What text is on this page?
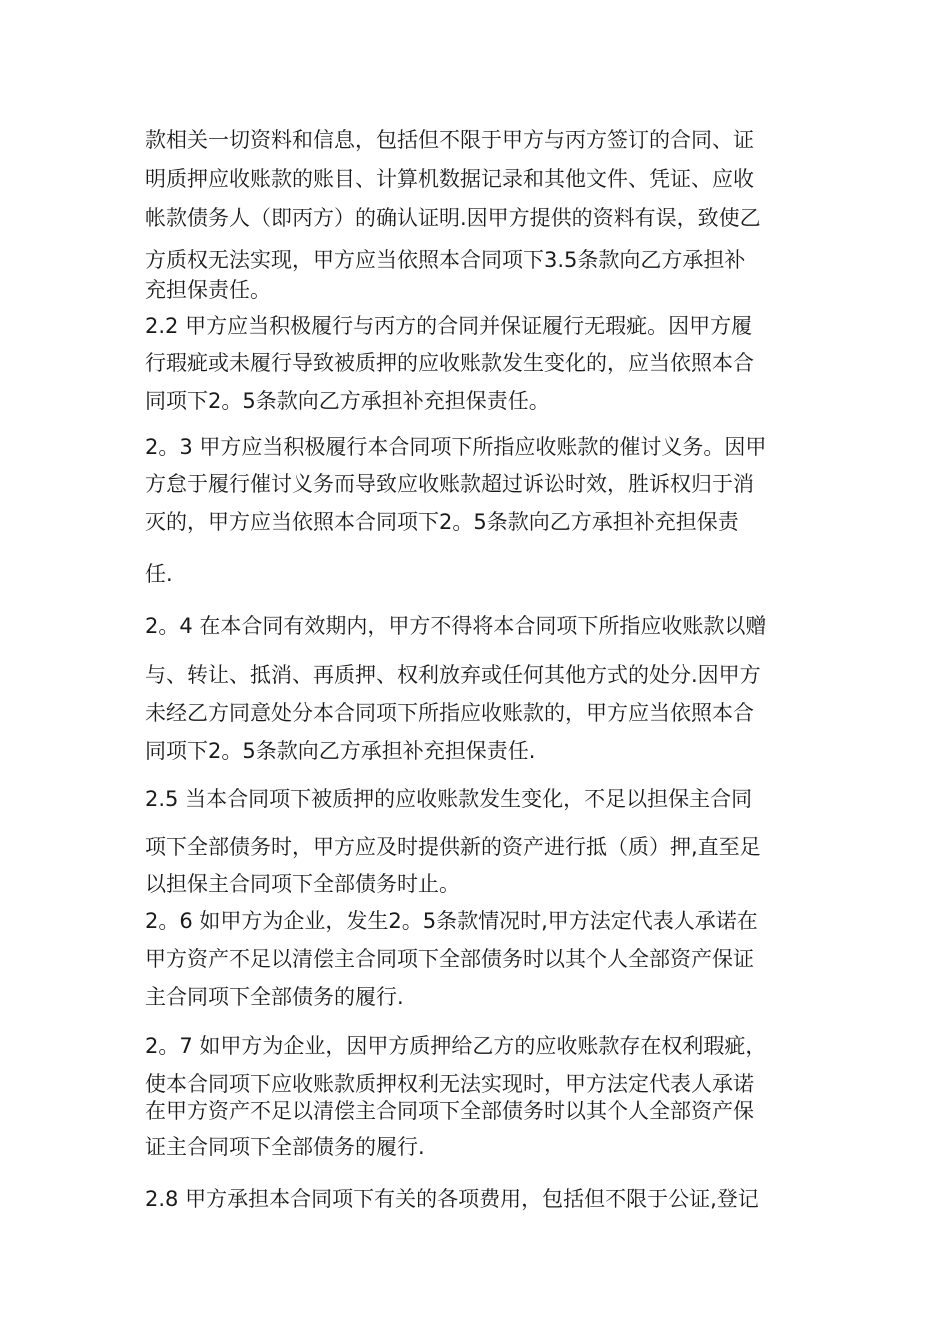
款相关一切资料和信息，包括但不限于甲方与丙方签订的合同、证
明质押应收账款的账目、计算机数据记录和其他文件、凭证、应收
帐款债务人（即丙方）的确认证明.因甲方提供的资料有误，致使乙
方质权无法实现，甲方应当依照本合同项下3.5条款向乙方承担补
充担保责任。
2.2 甲方应当积极履行与丙方的合同并保证履行无瑕疵。因甲方履
行瑕疵或未履行导致被质押的应收账款发生变化的，应当依照本合
同项下2。5条款向乙方承担补充担保责任。
2。3 甲方应当积极履行本合同项下所指应收账款的催讨义务。因甲
方怠于履行催讨义务而导致应收账款超过诉讼时效，胜诉权归于消
灭的，甲方应当依照本合同项下2。5条款向乙方承担补充担保责
任.
2。4 在本合同有效期内，甲方不得将本合同项下所指应收账款以赠
与、转让、抵消、再质押、权利放弃或任何其他方式的处分.因甲方
未经乙方同意处分本合同项下所指应收账款的，甲方应当依照本合
同项下2。5条款向乙方承担补充担保责任.
2.5 当本合同项下被质押的应收账款发生变化，不足以担保主合同
项下全部债务时，甲方应及时提供新的资产进行抵（质）押,直至足
以担保主合同项下全部债务时止。
2。6 如甲方为企业，发生2。5条款情况时,甲方法定代表人承诺在
甲方资产不足以清偿主合同项下全部债务时以其个人全部资产保证
主合同项下全部债务的履行.
2。7 如甲方为企业，因甲方质押给乙方的应收账款存在权利瑕疵，
使本合同项下应收账款质押权利无法实现时，甲方法定代表人承诺
在甲方资产不足以清偿主合同项下全部债务时以其个人全部资产保
证主合同项下全部债务的履行.
2.8 甲方承担本合同项下有关的各项费用，包括但不限于公证,登记
